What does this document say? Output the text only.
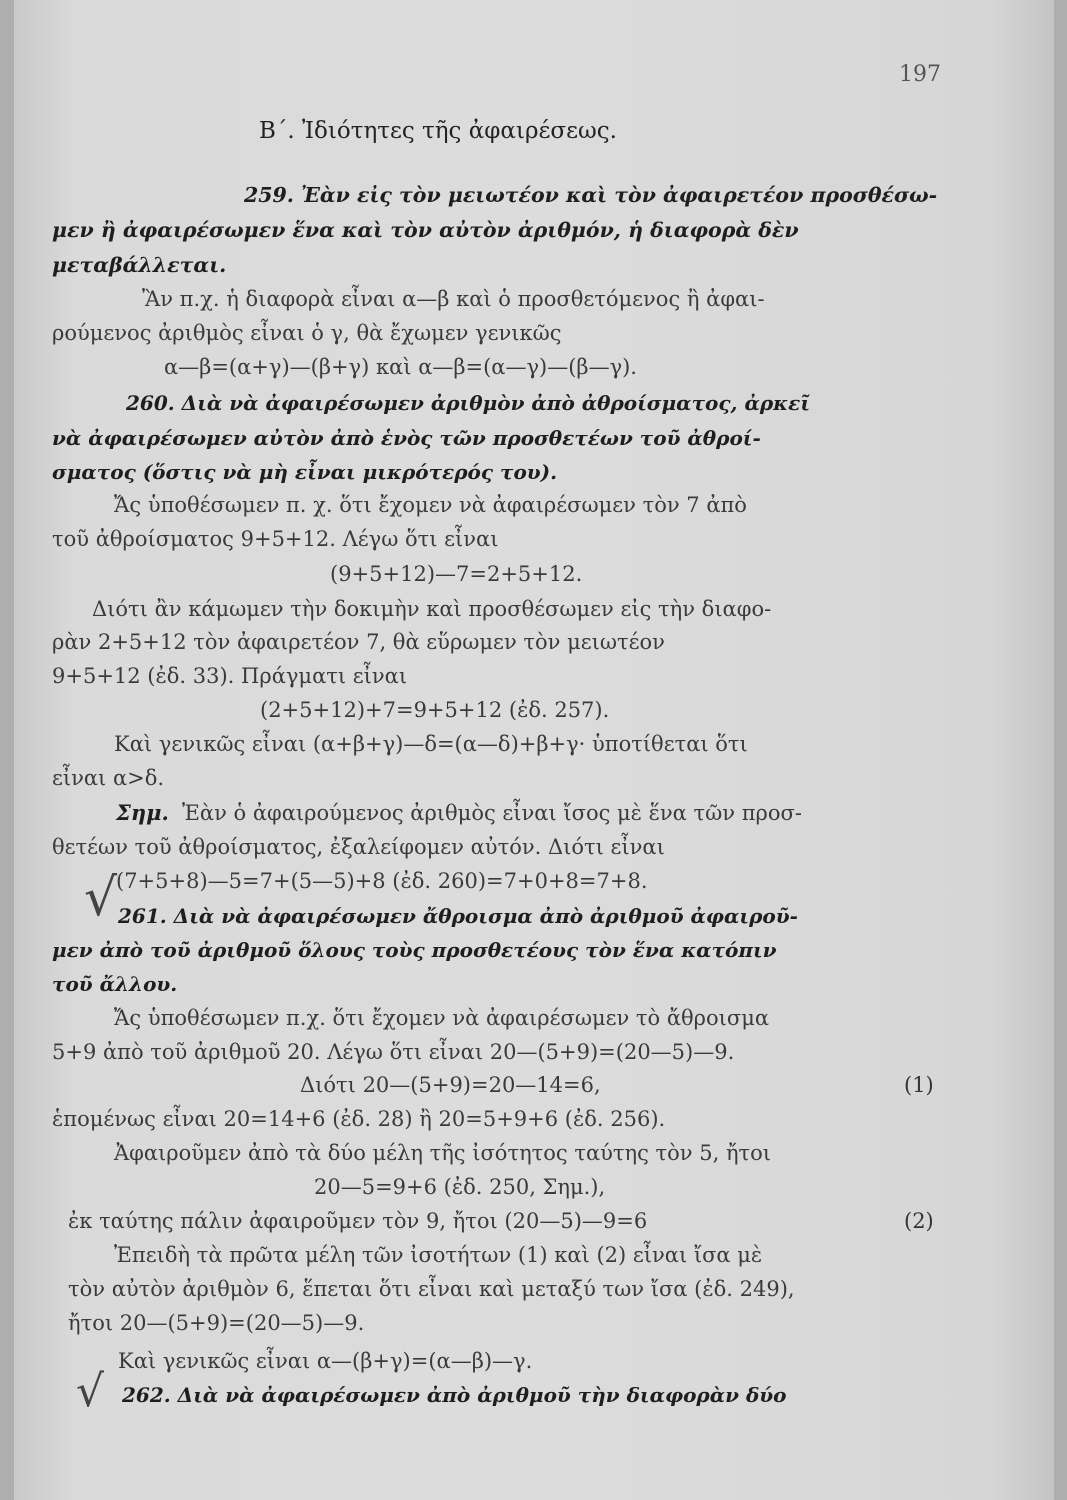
197
Β΄. Ἰδιότητες τῆς ἀφαιρέσεως.
259. Ἐὰν εἰς τὸν μειωτέον καὶ τὸν ἀφαιρετέον προσθέσω-
μεν ἢ ἀφαιρέσωμεν ἕνα καὶ τὸν αὐτὸν ἀριθμόν, ἡ διαφορὰ δὲν
μεταβάλλεται.
Ἂν π.χ. ἡ διαφορὰ εἶναι α—β καὶ ὁ προσθετόμενος ἢ ἀφαι-
ρούμενος ἀριθμὸς εἶναι ὁ γ, θὰ ἔχωμεν γενικῶς
α—β=(α+γ)—(β+γ) καὶ α—β=(α—γ)—(β—γ).
260. Διὰ νὰ ἀφαιρέσωμεν ἀριθμὸν ἀπὸ ἀθροίσματος, ἀρκεῖ
νὰ ἀφαιρέσωμεν αὐτὸν ἀπὸ ἑνὸς τῶν προσθετέων τοῦ ἀθροί-
σματος (ὅστις νὰ μὴ εἶναι μικρότερός του).
Ἄς ὑποθέσωμεν π. χ. ὅτι ἔχομεν νὰ ἀφαιρέσωμεν τὸν 7 ἀπὸ
τοῦ ἀθροίσματος 9+5+12. Λέγω ὅτι εἶναι
(9+5+12)—7=2+5+12.
Διότι ἂν κάμωμεν τὴν δοκιμὴν καὶ προσθέσωμεν εἰς τὴν διαφο-
ρὰν 2+5+12 τὸν ἀφαιρετέον 7, θὰ εὕρωμεν τὸν μειωτέον
9+5+12 (ἐδ. 33). Πράγματι εἶναι
(2+5+12)+7=9+5+12 (ἐδ. 257).
Καὶ γενικῶς εἶναι (α+β+γ)—δ=(α—δ)+β+γ· ὑποτίθεται ὅτι
εἶναι α>δ.
Σημ. Ἐὰν ὁ ἀφαιρούμενος ἀριθμὸς εἶναι ἴσος μὲ ἕνα τῶν προσ-
θετέων τοῦ ἀθροίσματος, ἐξαλείφομεν αὐτόν. Διότι εἶναι
(7+5+8)—5=7+(5—5)+8 (ἐδ. 260)=7+0+8=7+8.
√ 261. Διὰ νὰ ἀφαιρέσωμεν ἄθροισμα ἀπὸ ἀριθμοῦ ἀφαιροῦ-
μεν ἀπὸ τοῦ ἀριθμοῦ ὅλους τοὺς προσθετέους τὸν ἕνα κατόπιν
τοῦ ἄλλου.
Ἄς ὑποθέσωμεν π.χ. ὅτι ἔχομεν νὰ ἀφαιρέσωμεν τὸ ἄθροισμα
5+9 ἀπὸ τοῦ ἀριθμοῦ 20. Λέγω ὅτι εἶναι 20—(5+9)=(20—5)—9.
Διότι 20—(5+9)=20—14=6,	(1)
ἑπομένως εἶναι 20=14+6 (ἐδ. 28) ἢ 20=5+9+6 (ἐδ. 256).
Ἀφαιροῦμεν ἀπὸ τὰ δύο μέλη τῆς ἰσότητος ταύτης τὸν 5, ἤτοι
20—5=9+6 (ἐδ. 250, Σημ.),
ἐκ ταύτης πάλιν ἀφαιροῦμεν τὸν 9, ἤτοι (20—5)—9=6	(2)
Ἐπειδὴ τὰ πρῶτα μέλη τῶν ἰσοτήτων (1) καὶ (2) εἶναι ἴσα μὲ
τὸν αὐτὸν ἀριθμὸν 6, ἕπεται ὅτι εἶναι καὶ μεταξύ των ἴσα (ἐδ. 249),
ἤτοι 20—(5+9)=(20—5)—9.
Καὶ γενικῶς εἶναι α—(β+γ)=(α—β)—γ.
√ 262. Διὰ νὰ ἀφαιρέσωμεν ἀπὸ ἀριθμοῦ τὴν διαφορὰν δύο
